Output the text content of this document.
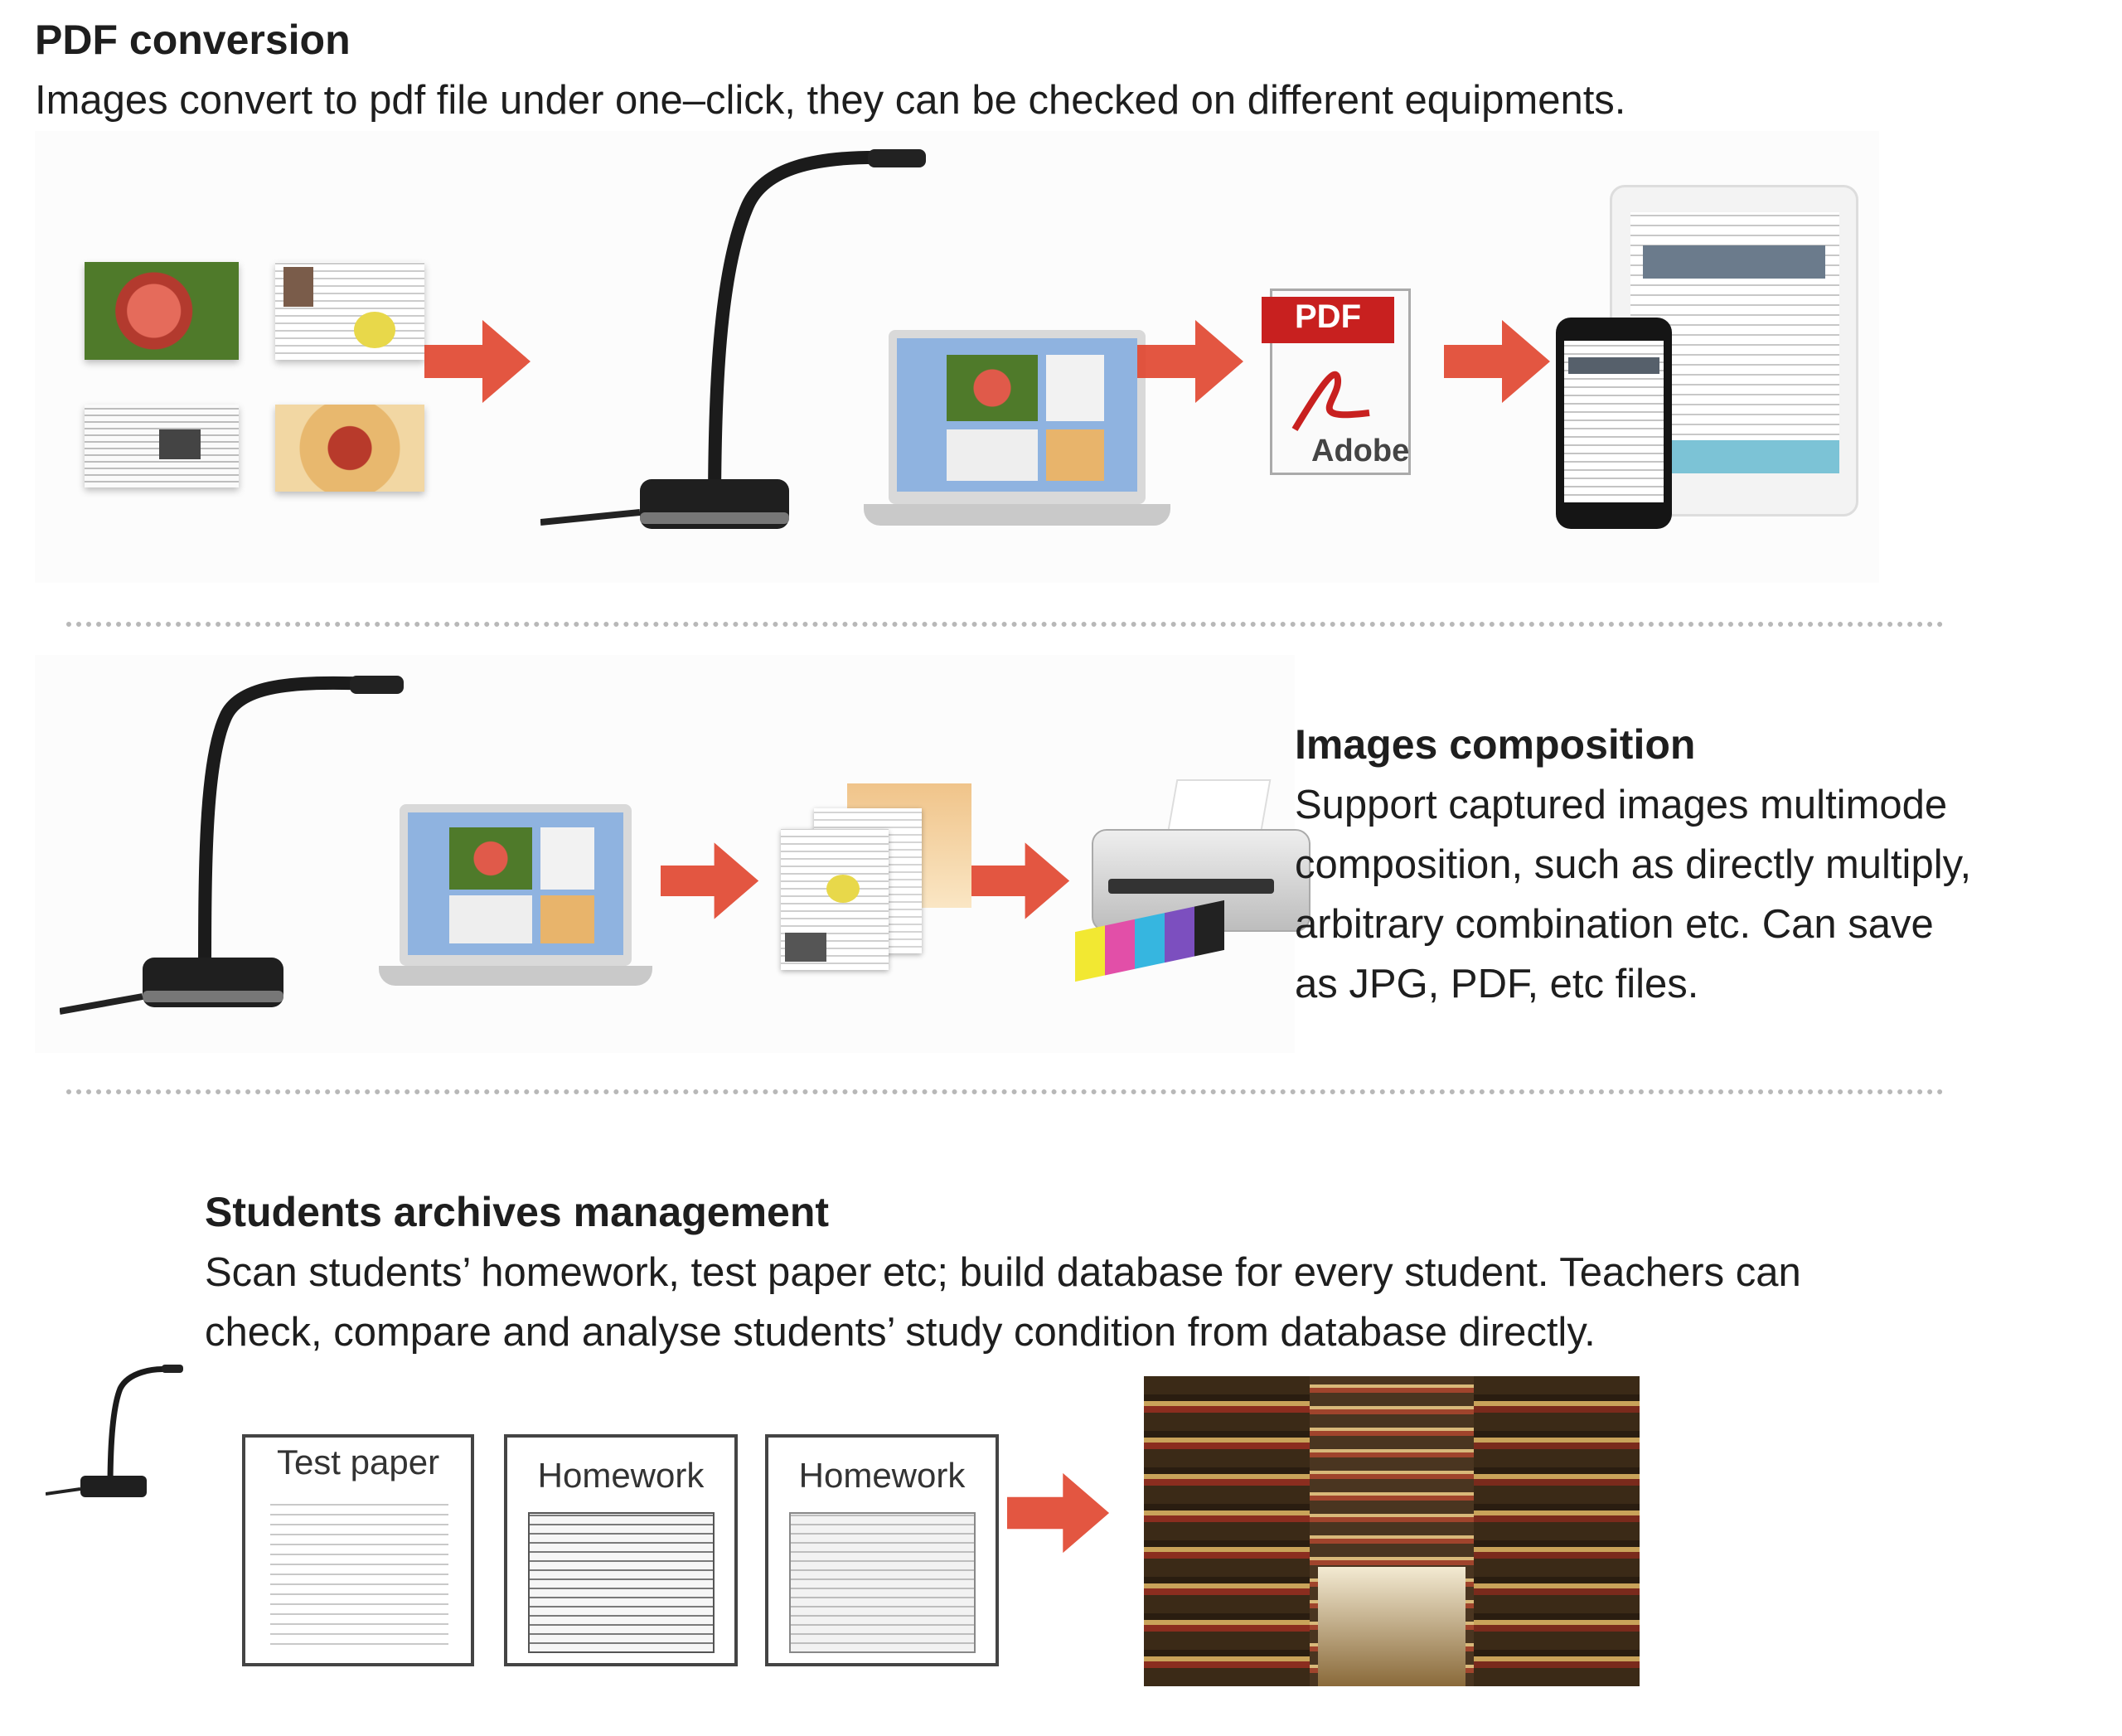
PDF conversion
Images convert to pdf file under one–click, they can be checked on different equipments.
PDF
Adobe
Images composition
Support captured images multimode
composition, such as directly multiply,
arbitrary combination etc. Can save
as JPG, PDF, etc files.
Students archives management
Scan students’ homework, test paper etc; build database for every student. Teachers can
check, compare and analyse students’ study condition from database directly.
Test paper	Homework	Homework
